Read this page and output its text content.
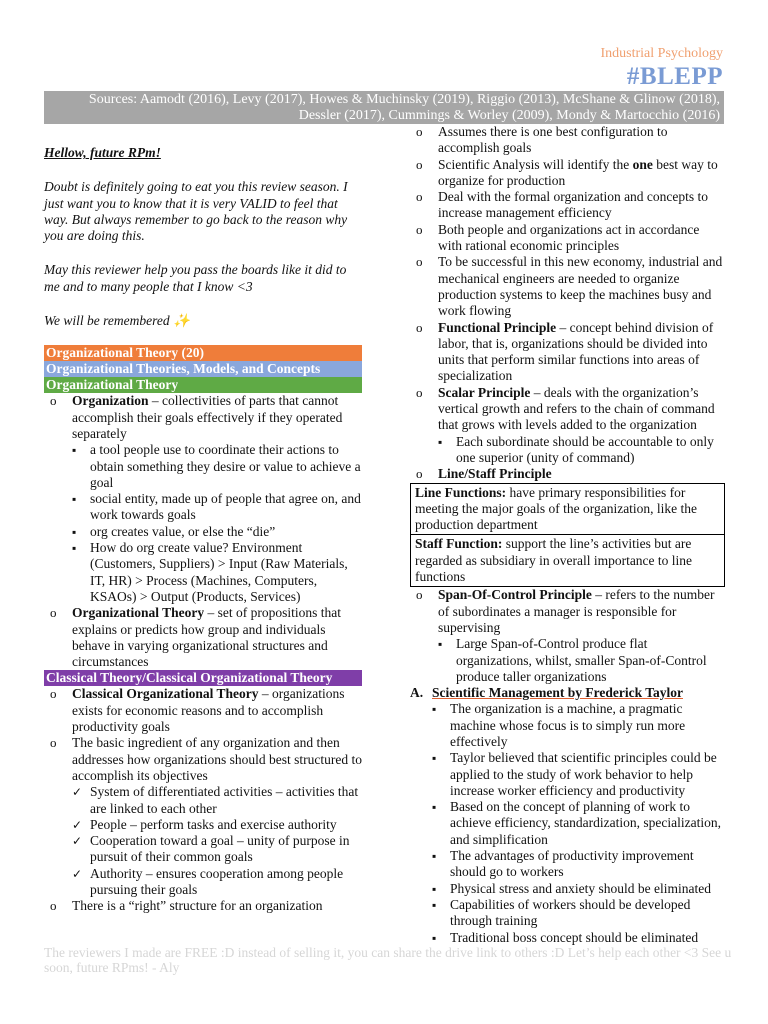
Industrial Psychology
#BLEPP
Sources: Aamodt (2016), Levy (2017), Howes & Muchinsky (2019), Riggio (2013), McShane & Glinow (2018), Dessler (2017), Cummings & Worley (2009), Mondy & Martocchio (2016)

Hellow, future RPm!

Doubt is definitely going to eat you this review season. I just want you to know that it is very VALID to feel that way. But always remember to go back to the reason why you are doing this.

May this reviewer help you pass the boards like it did to me and to many people that I know <3

We will be remembered ✨

Organizational Theory (20)
Organizational Theories, Models, and Concepts
Organizational Theory
o Organization – collectivities of parts that cannot accomplish their goals effectively if they operated separately
▪ a tool people use to coordinate their actions to obtain something they desire or value to achieve a goal
▪ social entity, made up of people that agree on, and work towards goals
▪ org creates value, or else the “die”
▪ How do org create value? Environment (Customers, Suppliers) > Input (Raw Materials, IT, HR) > Process (Machines, Computers, KSAOs) > Output (Products, Services)
o Organizational Theory – set of propositions that explains or predicts how group and individuals behave in varying organizational structures and circumstances
Classical Theory/Classical Organizational Theory
o Classical Organizational Theory – organizations exists for economic reasons and to accomplish productivity goals
o The basic ingredient of any organization and then addresses how organizations should best structured to accomplish its objectives
✓ System of differentiated activities – activities that are linked to each other
✓ People – perform tasks and exercise authority
✓ Cooperation toward a goal – unity of purpose in pursuit of their common goals
✓ Authority – ensures cooperation among people pursuing their goals
o There is a “right” structure for an organization
o Assumes there is one best configuration to accomplish goals
o Scientific Analysis will identify the one best way to organize for production
o Deal with the formal organization and concepts to increase management efficiency
o Both people and organizations act in accordance with rational economic principles
o To be successful in this new economy, industrial and mechanical engineers are needed to organize production systems to keep the machines busy and work flowing
o Functional Principle – concept behind division of labor, that is, organizations should be divided into units that perform similar functions into areas of specialization
o Scalar Principle – deals with the organization’s vertical growth and refers to the chain of command that grows with levels added to the organization
▪ Each subordinate should be accountable to only one superior (unity of command)
o Line/Staff Principle
Line Functions: have primary responsibilities for meeting the major goals of the organization, like the production department
Staff Function: support the line’s activities but are regarded as subsidiary in overall importance to line functions
o Span-Of-Control Principle – refers to the number of subordinates a manager is responsible for supervising
▪ Large Span-of-Control produce flat organizations, whilst, smaller Span-of-Control produce taller organizations
A. Scientific Management by Frederick Taylor
▪ The organization is a machine, a pragmatic machine whose focus is to simply run more effectively
▪ Taylor believed that scientific principles could be applied to the study of work behavior to help increase worker efficiency and productivity
▪ Based on the concept of planning of work to achieve efficiency, standardization, specialization, and simplification
▪ The advantages of productivity improvement should go to workers
▪ Physical stress and anxiety should be eliminated
▪ Capabilities of workers should be developed through training
▪ Traditional boss concept should be eliminated
The reviewers I made are FREE :D instead of selling it, you can share the drive link to others :D Let’s help each other <3 See u soon, future RPms! - Aly
